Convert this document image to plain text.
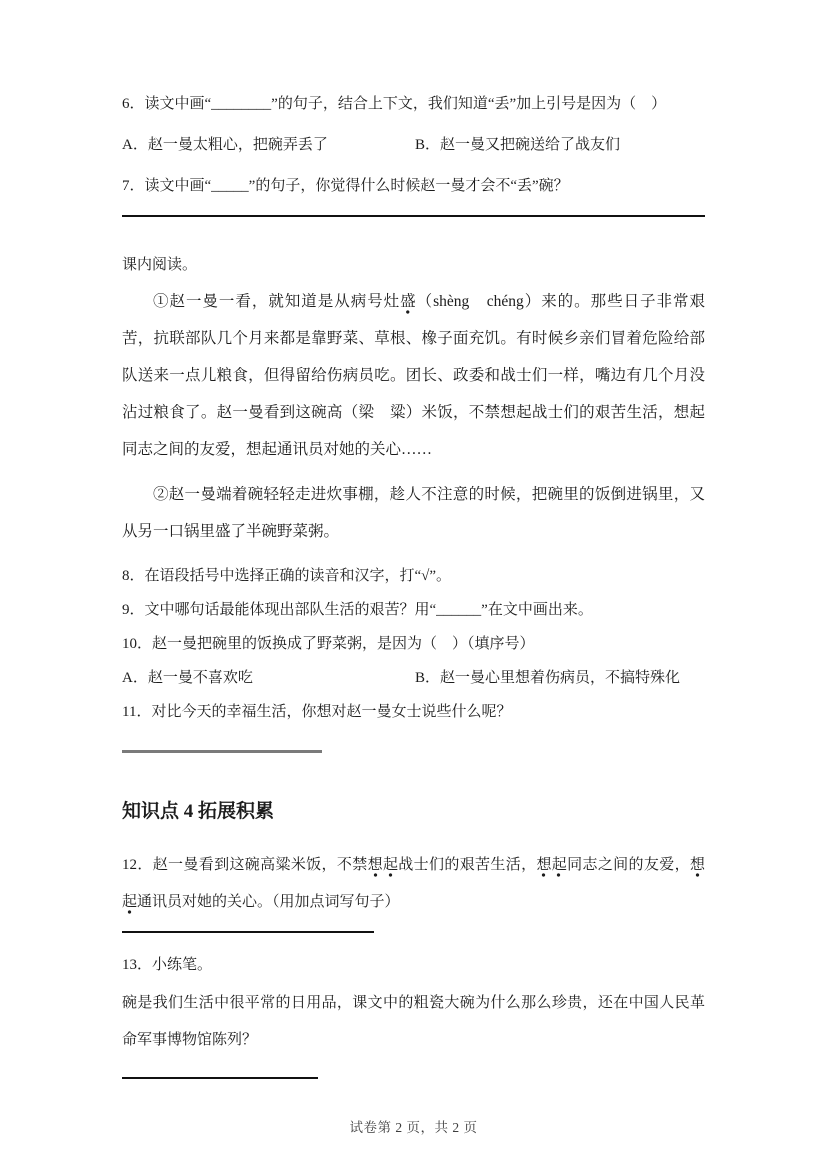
6．读文中画“________”的句子，结合上下文，我们知道“丢”加上引号是因为（　）

A．赵一曼太粗心，把碗弄丢了	B．赵一曼又把碗送给了战友们

7．读文中画“_____”的句子，你觉得什么时候赵一曼才会不“丢”碗？

课内阅读。

①赵一曼一看，就知道是从病号灶盛（shèng　chéng）来的。那些日子非常艰苦，抗联部队几个月来都是靠野菜、草根、橡子面充饥。有时候乡亲们冒着危险给部队送来一点儿粮食，但得留给伤病员吃。团长、政委和战士们一样，嘴边有几个月没沾过粮食了。赵一曼看到这碗高（梁　粱）米饭，不禁想起战士们的艰苦生活，想起同志之间的友爱，想起通讯员对她的关心……

②赵一曼端着碗轻轻走进炊事棚，趁人不注意的时候，把碗里的饭倒进锅里，又从另一口锅里盛了半碗野菜粥。

8．在语段括号中选择正确的读音和汉字，打“√”。

9．文中哪句话最能体现出部队生活的艰苦？用“______”在文中画出来。

10．赵一曼把碗里的饭换成了野菜粥，是因为（　）（填序号）

A．赵一曼不喜欢吃	B．赵一曼心里想着伤病员，不搞特殊化

11．对比今天的幸福生活，你想对赵一曼女士说些什么呢？

知识点 4 拓展积累

12．赵一曼看到这碗高粱米饭，不禁想起战士们的艰苦生活，想起同志之间的友爱，想起通讯员对她的关心。（用加点词写句子）

13．小练笔。

碗是我们生活中很平常的日用品，课文中的粗瓷大碗为什么那么珍贵，还在中国人民革命军事博物馆陈列？

试卷第 2 页，共 2 页
